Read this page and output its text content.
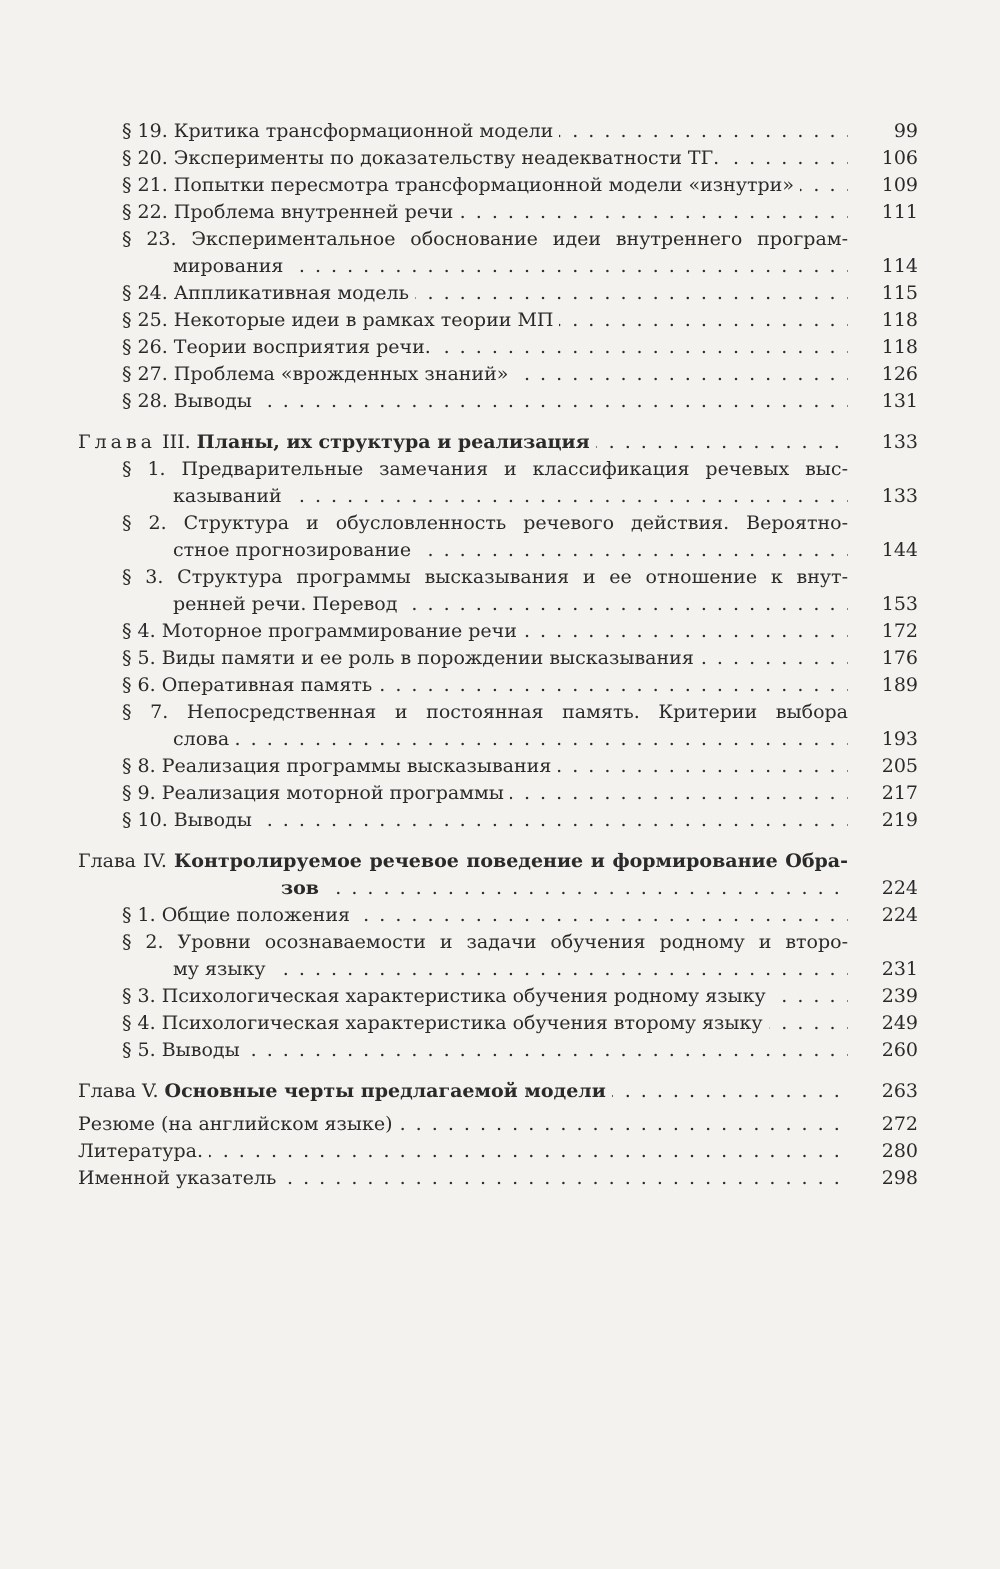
§ 19. Критика трансформационной модели . . .	99
§ 20. Эксперименты по доказательству неадекватности ТГ. . . .	106
§ 21. Попытки пересмотра трансформационной модели «изнутри» . . .	109
§ 22. Проблема внутренней речи . . .	111
§ 23. Экспериментальное обоснование идеи внутреннего програм-
мирования . . .	114
§ 24. Аппликативная модель . . .	115
§ 25. Некоторые идеи в рамках теории МП . . .	118
§ 26. Теории восприятия речи. . . .	118
§ 27. Проблема «врожденных знаний» . . .	126
§ 28. Выводы . . .	131
Глава III. Планы, их структура и реализация . . .	133
§ 1. Предварительные замечания и классификация речевых выс-
казываний . . .	133
§ 2. Структура и обусловленность речевого действия. Вероятно-
стное прогнозирование . . .	144
§ 3. Структура программы высказывания и ее отношение к внут-
ренней речи. Перевод . . .	153
§ 4. Моторное программирование речи . . .	172
§ 5. Виды памяти и ее роль в порождении высказывания . . .	176
§ 6. Оперативная память . . .	189
§ 7. Непосредственная и постоянная память. Критерии выбора
слова . . .	193
§ 8. Реализация программы высказывания . . .	205
§ 9. Реализация моторной программы . . .	217
§ 10. Выводы . . .	219
Глава IV. Контролируемое речевое поведение и формирование Обра-
зов . . .	224
§ 1. Общие положения . . .	224
§ 2. Уровни осознаваемости и задачи обучения родному и второ-
му языку . . .	231
§ 3. Психологическая характеристика обучения родному языку . . .	239
§ 4. Психологическая характеристика обучения второму языку . . .	249
§ 5. Выводы . . .	260
Глава V. Основные черты предлагаемой модели . . .	263
Резюме (на английском языке) . . .	272
Литература. . . .	280
Именной указатель . . .	298
